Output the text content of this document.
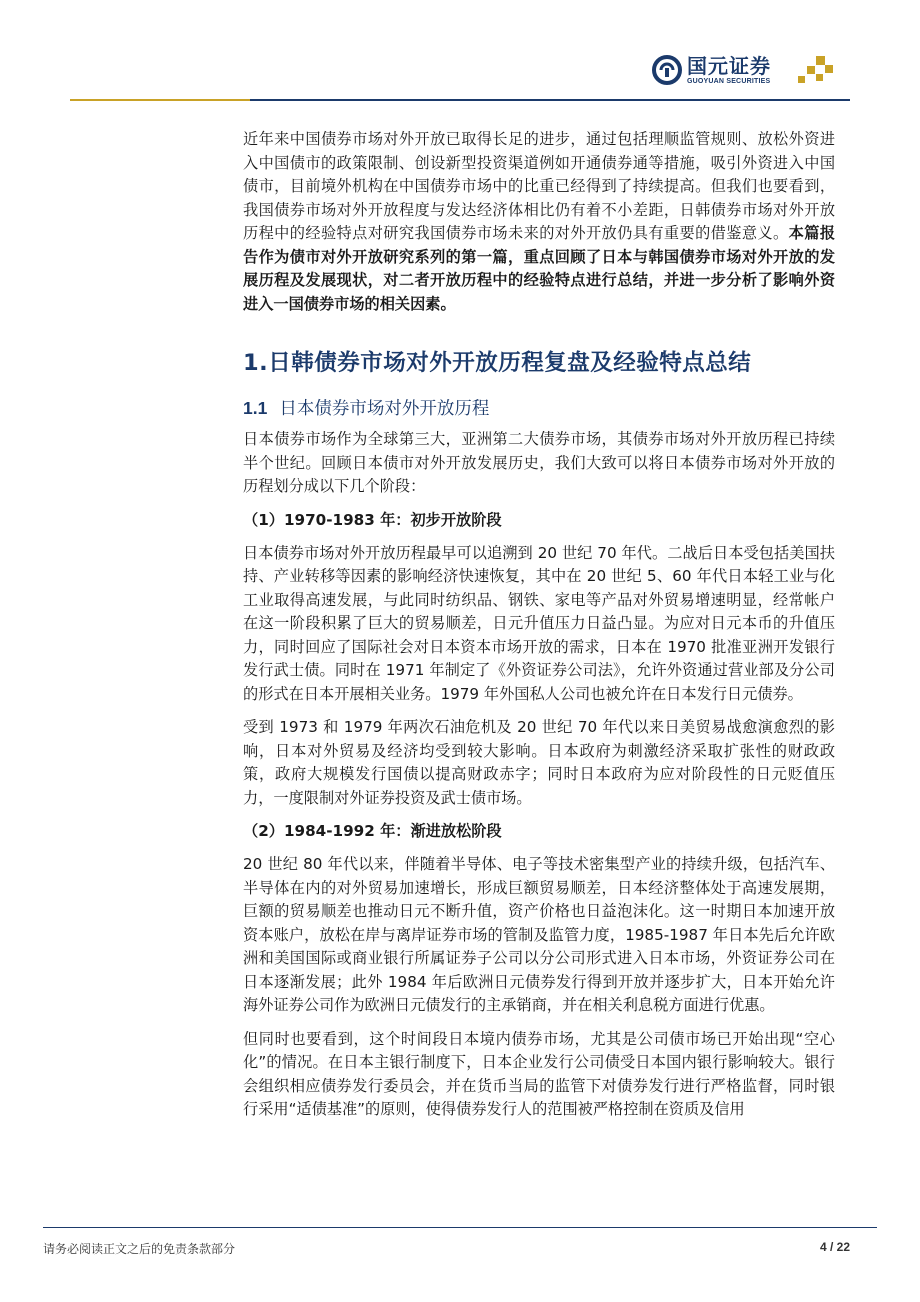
国元证券
GUOYUAN SECURITIES

近年来中国债券市场对外开放已取得长足的进步，通过包括理顺监管规则、放松外资进入中国债市的政策限制、创设新型投资渠道例如开通债券通等措施，吸引外资进入中国债市，目前境外机构在中国债券市场中的比重已经得到了持续提高。但我们也要看到，我国债券市场对外开放程度与发达经济体相比仍有着不小差距，日韩债券市场对外开放历程中的经验特点对研究我国债券市场未来的对外开放仍具有重要的借鉴意义。本篇报告作为债市对外开放研究系列的第一篇，重点回顾了日本与韩国债券市场对外开放的发展历程及发展现状，对二者开放历程中的经验特点进行总结，并进一步分析了影响外资进入一国债券市场的相关因素。

1.日韩债券市场对外开放历程复盘及经验特点总结
1.1 日本债券市场对外开放历程

日本债券市场作为全球第三大，亚洲第二大债券市场，其债券市场对外开放历程已持续半个世纪。回顾日本债市对外开放发展历史，我们大致可以将日本债券市场对外开放的历程划分成以下几个阶段：

（1）1970-1983 年：初步开放阶段

日本债券市场对外开放历程最早可以追溯到 20 世纪 70 年代。二战后日本受包括美国扶持、产业转移等因素的影响经济快速恢复，其中在 20 世纪 5、60 年代日本轻工业与化工业取得高速发展，与此同时纺织品、钢铁、家电等产品对外贸易增速明显，经常帐户在这一阶段积累了巨大的贸易顺差，日元升值压力日益凸显。为应对日元本币的升值压力，同时回应了国际社会对日本资本市场开放的需求，日本在 1970 批准亚洲开发银行发行武士债。同时在 1971 年制定了《外资证券公司法》，允许外资通过营业部及分公司的形式在日本开展相关业务。1979 年外国私人公司也被允许在日本发行日元债券。

受到 1973 和 1979 年两次石油危机及 20 世纪 70 年代以来日美贸易战愈演愈烈的影响，日本对外贸易及经济均受到较大影响。日本政府为刺激经济采取扩张性的财政政策，政府大规模发行国债以提高财政赤字；同时日本政府为应对阶段性的日元贬值压力，一度限制对外证券投资及武士债市场。

（2）1984-1992 年：渐进放松阶段

20 世纪 80 年代以来，伴随着半导体、电子等技术密集型产业的持续升级，包括汽车、半导体在内的对外贸易加速增长，形成巨额贸易顺差，日本经济整体处于高速发展期，巨额的贸易顺差也推动日元不断升值，资产价格也日益泡沫化。这一时期日本加速开放资本账户，放松在岸与离岸证券市场的管制及监管力度，1985-1987 年日本先后允许欧洲和美国国际或商业银行所属证券子公司以分公司形式进入日本市场，外资证券公司在日本逐渐发展；此外 1984 年后欧洲日元债券发行得到开放并逐步扩大，日本开始允许海外证券公司作为欧洲日元债发行的主承销商，并在相关利息税方面进行优惠。

但同时也要看到，这个时间段日本境内债券市场，尤其是公司债市场已开始出现“空心化”的情况。在日本主银行制度下，日本企业发行公司债受日本国内银行影响较大。银行会组织相应债券发行委员会，并在货币当局的监管下对债券发行进行严格监督，同时银行采用“适债基准”的原则，使得债券发行人的范围被严格控制在资质及信用

请务必阅读正文之后的免责条款部分	4 / 22
